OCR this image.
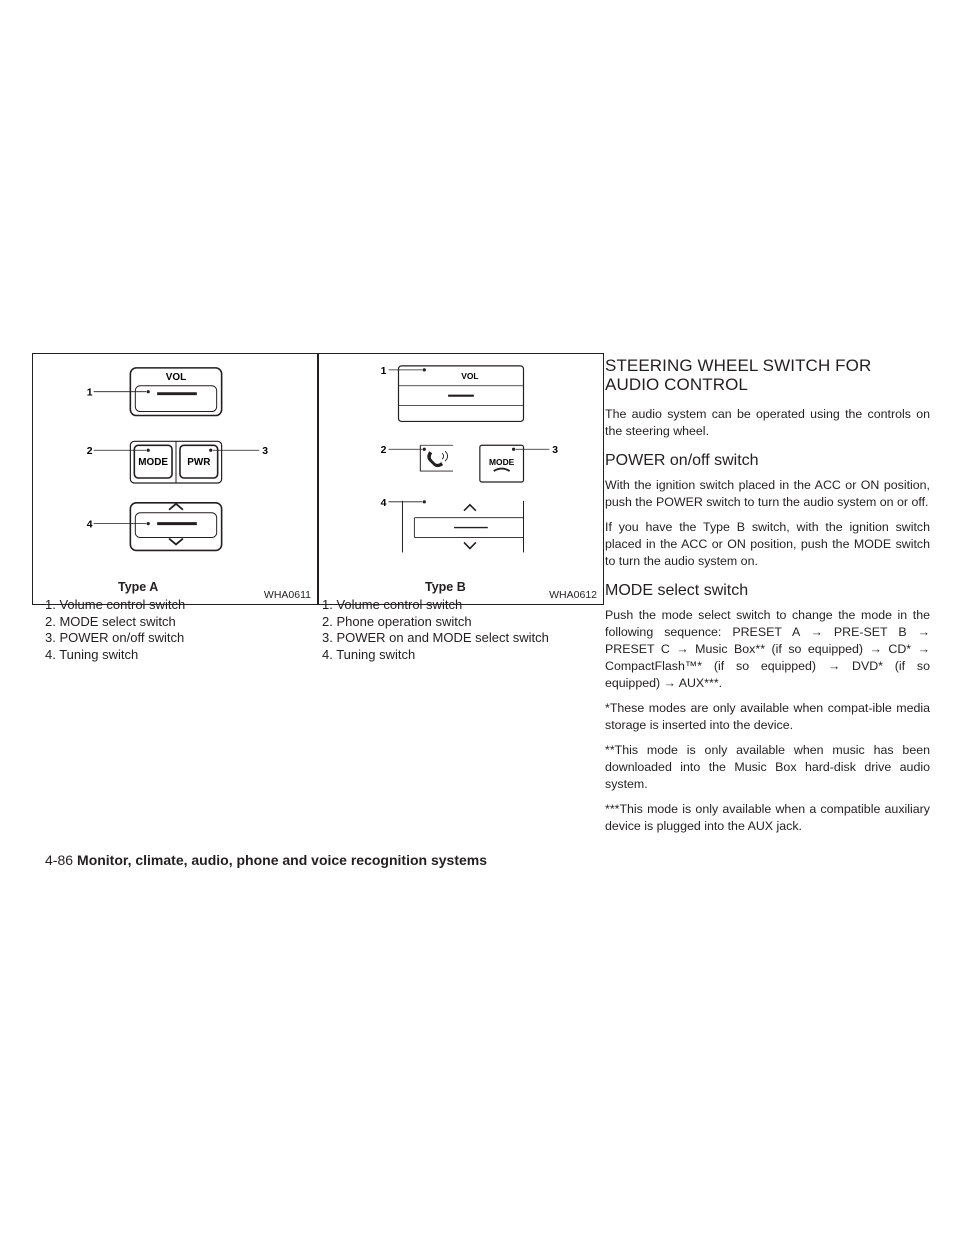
VOL
1
MODE PWR
2	3
4
WHA0611
Type A
VOL
1
MODE
2	3
4
WHA0612
Type B
1. Volume control switch
2. MODE select switch
3. POWER on/off switch
4. Tuning switch
1. Volume control switch
2. Phone operation switch
3. POWER on and MODE select switch
4. Tuning switch
STEERING WHEEL SWITCH FOR
AUDIO CONTROL

The audio system can be operated using the controls on the steering wheel.

POWER on/off switch

With the ignition switch placed in the ACC or ON position, push the POWER switch to turn the audio system on or off.

If you have the Type B switch, with the ignition switch placed in the ACC or ON position, push the MODE switch to turn the audio system on.

MODE select switch

Push the mode select switch to change the mode in the following sequence: PRESET A → PRE-SET B → PRESET C → Music Box** (if so equipped) → CD* → CompactFlash™* (if so equipped) → DVD* (if so equipped) → AUX***.

*These modes are only available when compat-ible media storage is inserted into the device.

**This mode is only available when music has been downloaded into the Music Box hard-disk drive audio system.

***This mode is only available when a compatible auxiliary device is plugged into the AUX jack.

4-86 Monitor, climate, audio, phone and voice recognition systems
